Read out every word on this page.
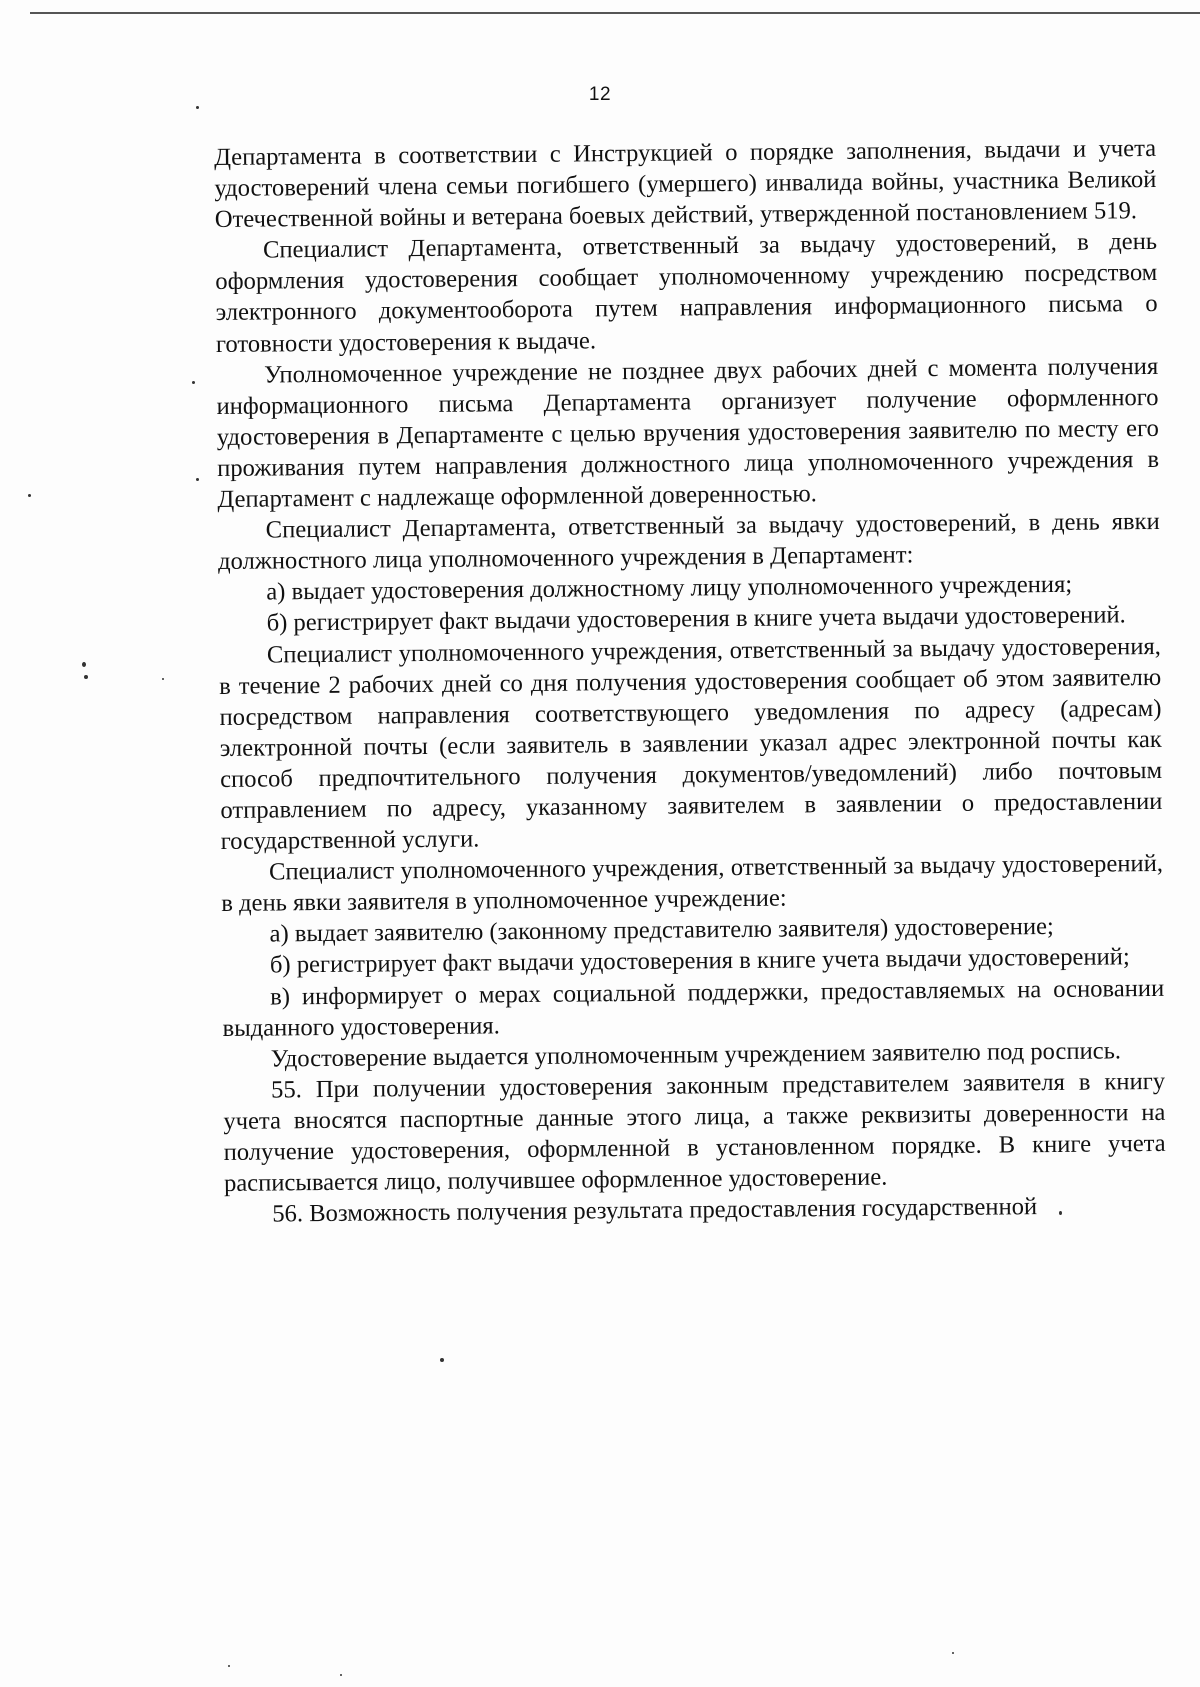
12

Департамента в соответствии с Инструкцией о порядке заполнения, выдачи и учета удостоверений члена семьи погибшего (умершего) инвалида войны, участника Великой Отечественной войны и ветерана боевых действий, утвержденной постановлением 519.

Специалист Департамента, ответственный за выдачу удостоверений, в день оформления удостоверения сообщает уполномоченному учреждению посредством электронного документооборота путем направления информационного письма о готовности удостоверения к выдаче.

Уполномоченное учреждение не позднее двух рабочих дней с момента получения информационного письма Департамента организует получение оформленного удостоверения в Департаменте с целью вручения удостоверения заявителю по месту его проживания путем направления должностного лица уполномоченного учреждения в Департамент с надлежаще оформленной доверенностью.

Специалист Департамента, ответственный за выдачу удостоверений, в день явки должностного лица уполномоченного учреждения в Департамент:

а) выдает удостоверения должностному лицу уполномоченного учреждения;

б) регистрирует факт выдачи удостоверения в книге учета выдачи удостоверений.

Специалист уполномоченного учреждения, ответственный за выдачу удостоверения, в течение 2 рабочих дней со дня получения удостоверения сообщает об этом заявителю посредством направления соответствующего уведомления по адресу (адресам) электронной почты (если заявитель в заявлении указал адрес электронной почты как способ предпочтительного получения документов/уведомлений) либо почтовым отправлением по адресу, указанному заявителем в заявлении о предоставлении государственной услуги.

Специалист уполномоченного учреждения, ответственный за выдачу удостоверений, в день явки заявителя в уполномоченное учреждение:

а) выдает заявителю (законному представителю заявителя) удостоверение;

б) регистрирует факт выдачи удостоверения в книге учета выдачи удостоверений;

в) информирует о мерах социальной поддержки, предоставляемых на основании выданного удостоверения.

Удостоверение выдается уполномоченным учреждением заявителю под роспись.

55. При получении удостоверения законным представителем заявителя в книгу учета вносятся паспортные данные этого лица, а также реквизиты доверенности на получение удостоверения, оформленной в установленном порядке. В книге учета расписывается лицо, получившее оформленное удостоверение.

56. Возможность получения результата предоставления государственной
